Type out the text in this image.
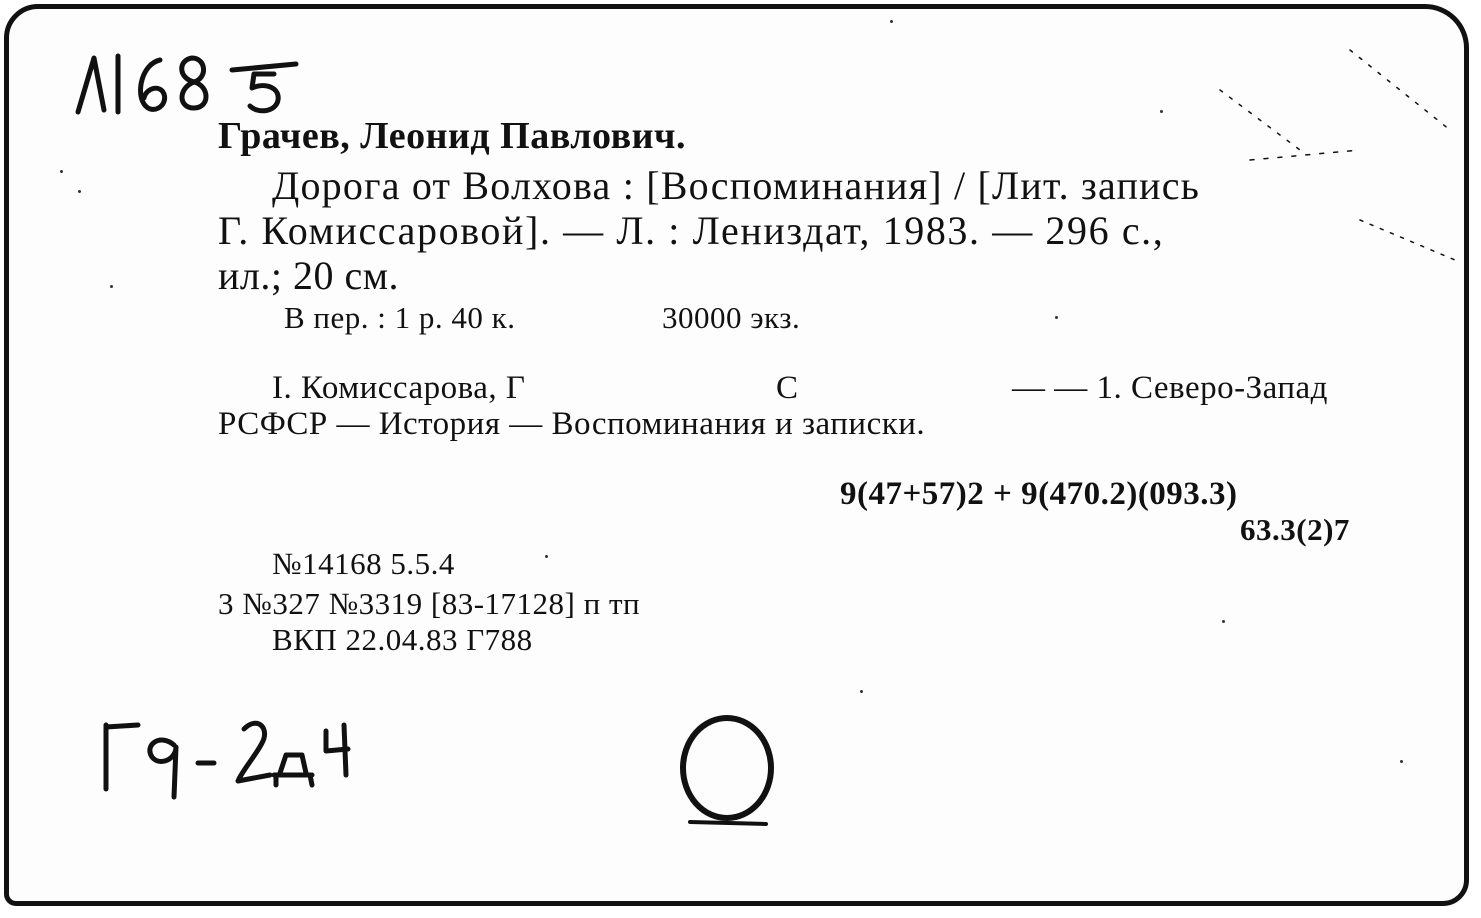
Грачев, Леонид Павлович.
Дорога от Волхова : [Воспоминания] / [Лит. запись
Г. Комиссаровой]. — Л. : Лениздат, 1983. — 296 с.,
ил.; 20 см.
В пер. : 1 р. 40 к.	30000 экз.
I. Комиссарова, Г	С	— — 1. Северо-Запад
РСФСР — История — Воспоминания и записки.
9(47+57)2 + 9(470.2)(093.3)
63.3(2)7
№14168 5.5.4
3 №327 №3319 [83-17128] п тп
ВКП 22.04.83 Г788
